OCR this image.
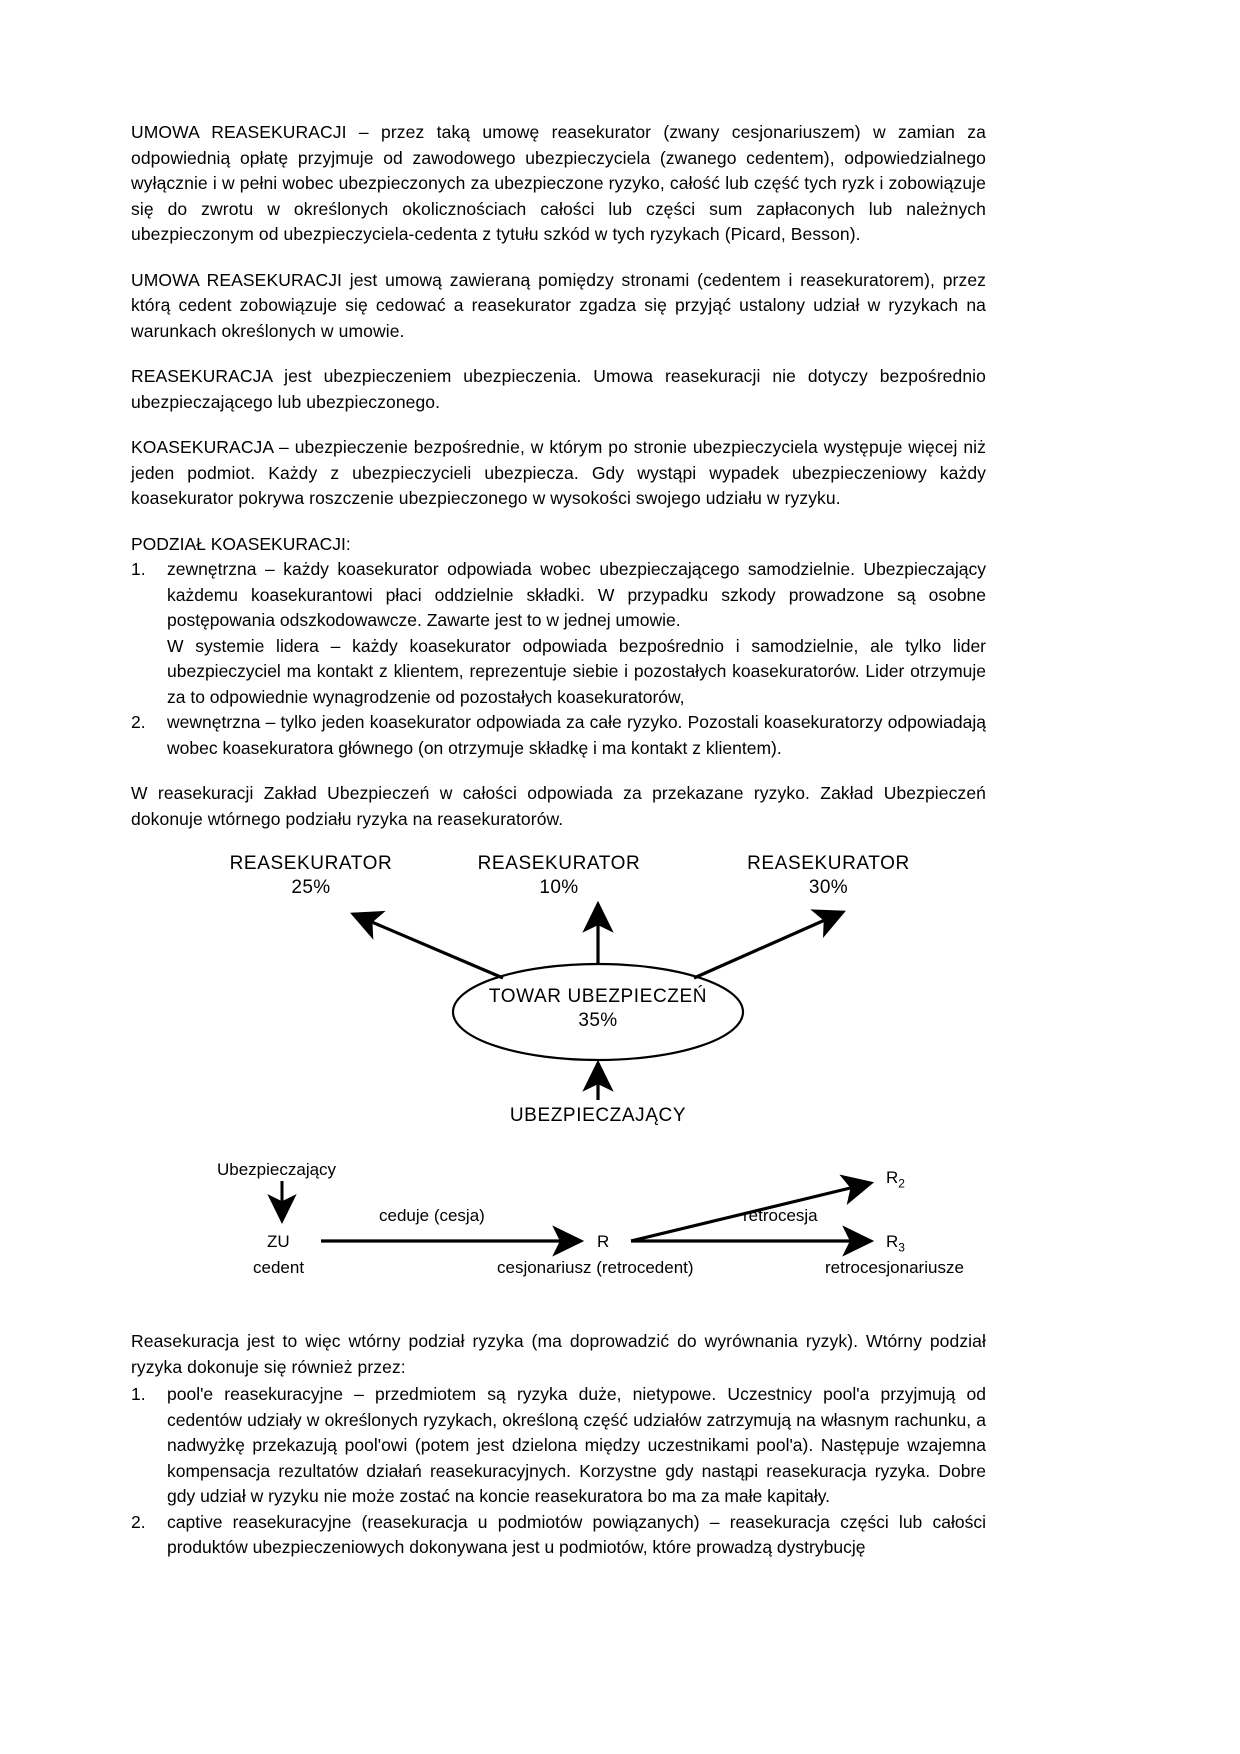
UMOWA REASEKURACJI – przez taką umowę reasekurator (zwany cesjonariuszem) w zamian za odpowiednią opłatę przyjmuje od zawodowego ubezpieczyciela (zwanego cedentem), odpowiedzialnego wyłącznie i w pełni wobec ubezpieczonych za ubezpieczone ryzyko, całość lub część tych ryzk i zobowiązuje się do zwrotu w określonych okolicznościach całości lub części sum zapłaconych lub należnych ubezpieczonym od ubezpieczyciela-cedenta z tytułu szkód w tych ryzykach (Picard, Besson).

UMOWA REASEKURACJI jest umową zawieraną pomiędzy stronami (cedentem i reasekuratorem), przez którą cedent zobowiązuje się cedować a reasekurator zgadza się przyjąć ustalony udział w ryzykach na warunkach określonych w umowie.

REASEKURACJA jest ubezpieczeniem ubezpieczenia. Umowa reasekuracji nie dotyczy bezpośrednio ubezpieczającego lub ubezpieczonego.

KOASEKURACJA – ubezpieczenie bezpośrednie, w którym po stronie ubezpieczyciela występuje więcej niż jeden podmiot. Każdy z ubezpieczycieli ubezpiecza. Gdy wystąpi wypadek ubezpieczeniowy każdy koasekurator pokrywa roszczenie ubezpieczonego w wysokości swojego udziału w ryzyku.

PODZIAŁ KOASEKURACJI:

1.	zewnętrzna – każdy koasekurator odpowiada wobec ubezpieczającego samodzielnie. Ubezpieczający każdemu koasekurantowi płaci oddzielnie składki. W przypadku szkody prowadzone są osobne postępowania odszkodowawcze. Zawarte jest to w jednej umowie.
W systemie lidera – każdy koasekurator odpowiada bezpośrednio i samodzielnie, ale tylko lider ubezpieczyciel ma kontakt z klientem, reprezentuje siebie i pozostałych koasekuratorów. Lider otrzymuje za to odpowiednie wynagrodzenie od pozostałych koasekuratorów,
2.	wewnętrzna – tylko jeden koasekurator odpowiada za całe ryzyko. Pozostali koasekuratorzy odpowiadają wobec koasekuratora głównego (on otrzymuje składkę i ma kontakt z klientem).

W reasekuracji Zakład Ubezpieczeń w całości odpowiada za przekazane ryzyko. Zakład Ubezpieczeń dokonuje wtórnego podziału ryzyka na reasekuratorów.

REASEKURATOR
25%
REASEKURATOR
10%
REASEKURATOR
30%
TOWAR UBEZPIECZEŃ
35%
UBEZPIECZAJĄCY
Ubezpieczający
ZU
cedent
ceduje (cesja)
R
cesjonariusz (retrocedent)
retrocesja
$R_2$
$R_3$
retrocesjonariusze

Reasekuracja jest to więc wtórny podział ryzyka (ma doprowadzić do wyrównania ryzyk). Wtórny podział ryzyka dokonuje się również przez:

1.	pool'e reasekuracyjne – przedmiotem są ryzyka duże, nietypowe. Uczestnicy pool'a przyjmują od cedentów udziały w określonych ryzykach, określoną część udziałów zatrzymują na własnym rachunku, a nadwyżkę przekazują pool'owi (potem jest dzielona między uczestnikami pool'a). Następuje wzajemna kompensacja rezultatów działań reasekuracyjnych. Korzystne gdy nastąpi reasekuracja ryzyka. Dobre gdy udział w ryzyku nie może zostać na koncie reasekuratora bo ma za małe kapitały.
2.	captive reasekuracyjne (reasekuracja u podmiotów powiązanych) – reasekuracja części lub całości produktów ubezpieczeniowych dokonywana jest u podmiotów, które prowadzą dystrybucję
